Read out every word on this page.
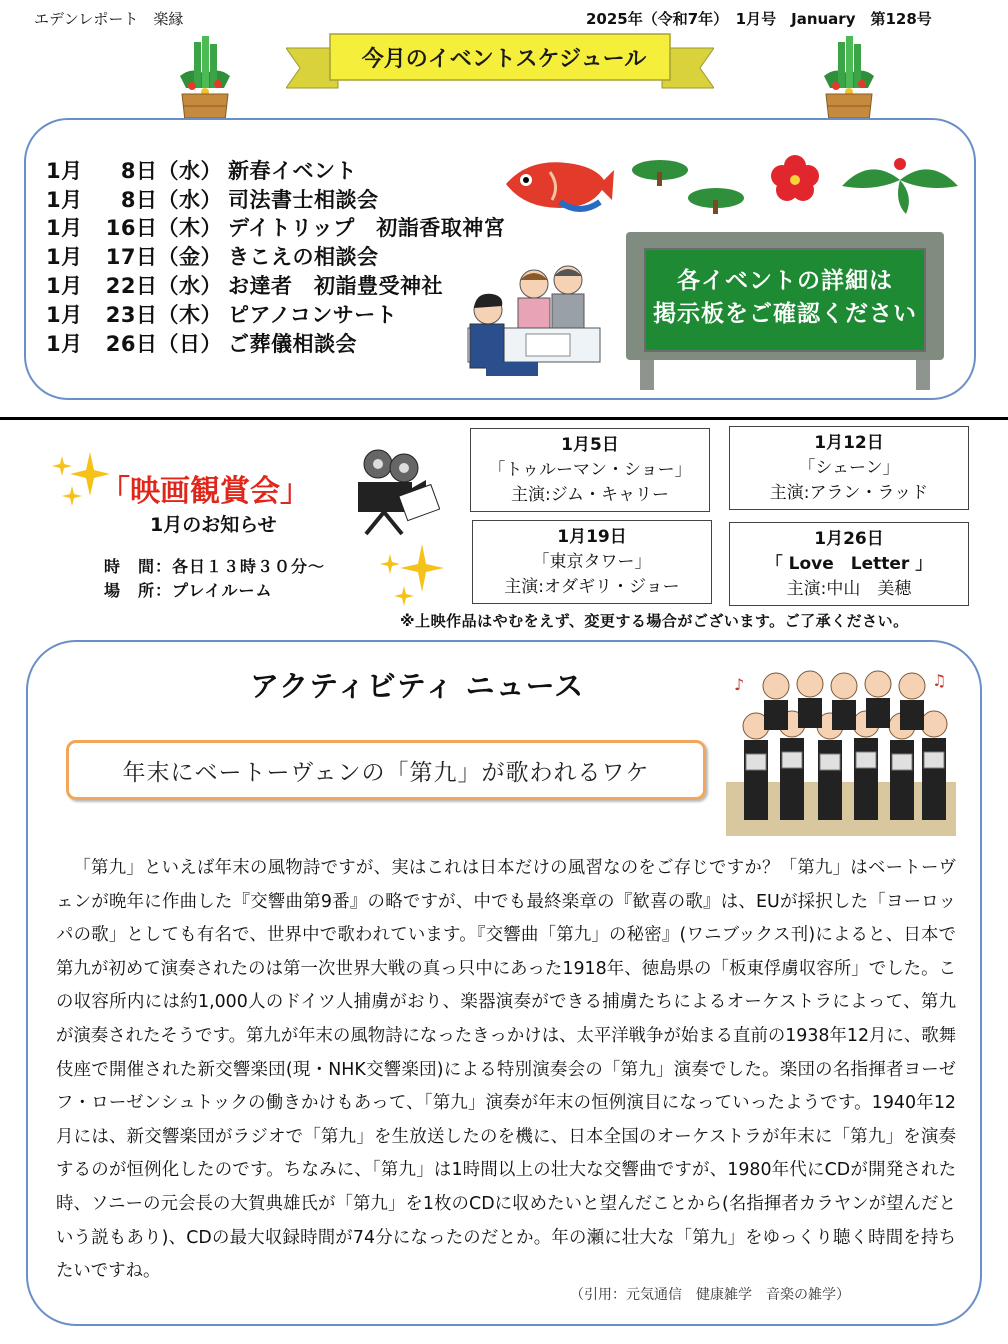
エデンレポート　楽縁	2025年（令和7年）　1月号　January　第128号
今月のイベントスケジュール
1月 8日（水） 新春イベント
1月 8日（水） 司法書士相談会
1月 16日（木） デイトリップ　初詣香取神宮
1月 17日（金） きこえの相談会
1月 22日（水） お達者　初詣豊受神社
1月 23日（木） ピアノコンサート
1月 26日（日） ご葬儀相談会
各イベントの詳細は
掲示板をご確認ください
「映画観賞会」
1月のお知らせ
時　間：各日１３時３０分～
場　所：プレイルーム
1月5日
「トゥルーマン・ショー」
主演:ジム・キャリー
1月12日
「シェーン」
主演:アラン・ラッド
1月19日
「東京タワー」
主演:オダギリ・ジョー
1月26日
「 Love　Letter 」
主演:中山　美穂
※上映作品はやむをえず、変更する場合がございます。ご了承ください。
アクティビティ ニュース
年末にベートーヴェンの「第九」が歌われるワケ
♪	♫
「第九」といえば年末の風物詩ですが、実はこれは日本だけの風習なのをご存じですか？「第九」はベートーヴェンが晩年に作曲した『交響曲第9番』の略ですが、中でも最終楽章の『歓喜の歌』は、EUが採択した「ヨーロッパの歌」としても有名で、世界中で歌われています。『交響曲「第九」の秘密』(ワニブックス刊)によると、日本で第九が初めて演奏されたのは第一次世界大戦の真っ只中にあった1918年、徳島県の「板東俘虜収容所」でした。この収容所内には約1,000人のドイツ人捕虜がおり、楽器演奏ができる捕虜たちによるオーケストラによって、第九が演奏されたそうです。第九が年末の風物詩になったきっかけは、太平洋戦争が始まる直前の1938年12月に、歌舞伎座で開催された新交響楽団(現・NHK交響楽団)による特別演奏会の「第九」演奏でした。楽団の名指揮者ヨーゼフ・ローゼンシュトックの働きかけもあって、「第九」演奏が年末の恒例演目になっていったようです。1940年12月には、新交響楽団がラジオで「第九」を生放送したのを機に、日本全国のオーケストラが年末に「第九」を演奏するのが恒例化したのです。ちなみに、「第九」は1時間以上の壮大な交響曲ですが、1980年代にCDが開発された時、ソニーの元会長の大賀典雄氏が「第九」を1枚のCDに収めたいと望んだことから(名指揮者カラヤンが望んだという説もあり)、CDの最大収録時間が74分になったのだとか。年の瀬に壮大な「第九」をゆっくり聴く時間を持ちたいですね。
（引用：元気通信　健康雑学　音楽の雑学）
